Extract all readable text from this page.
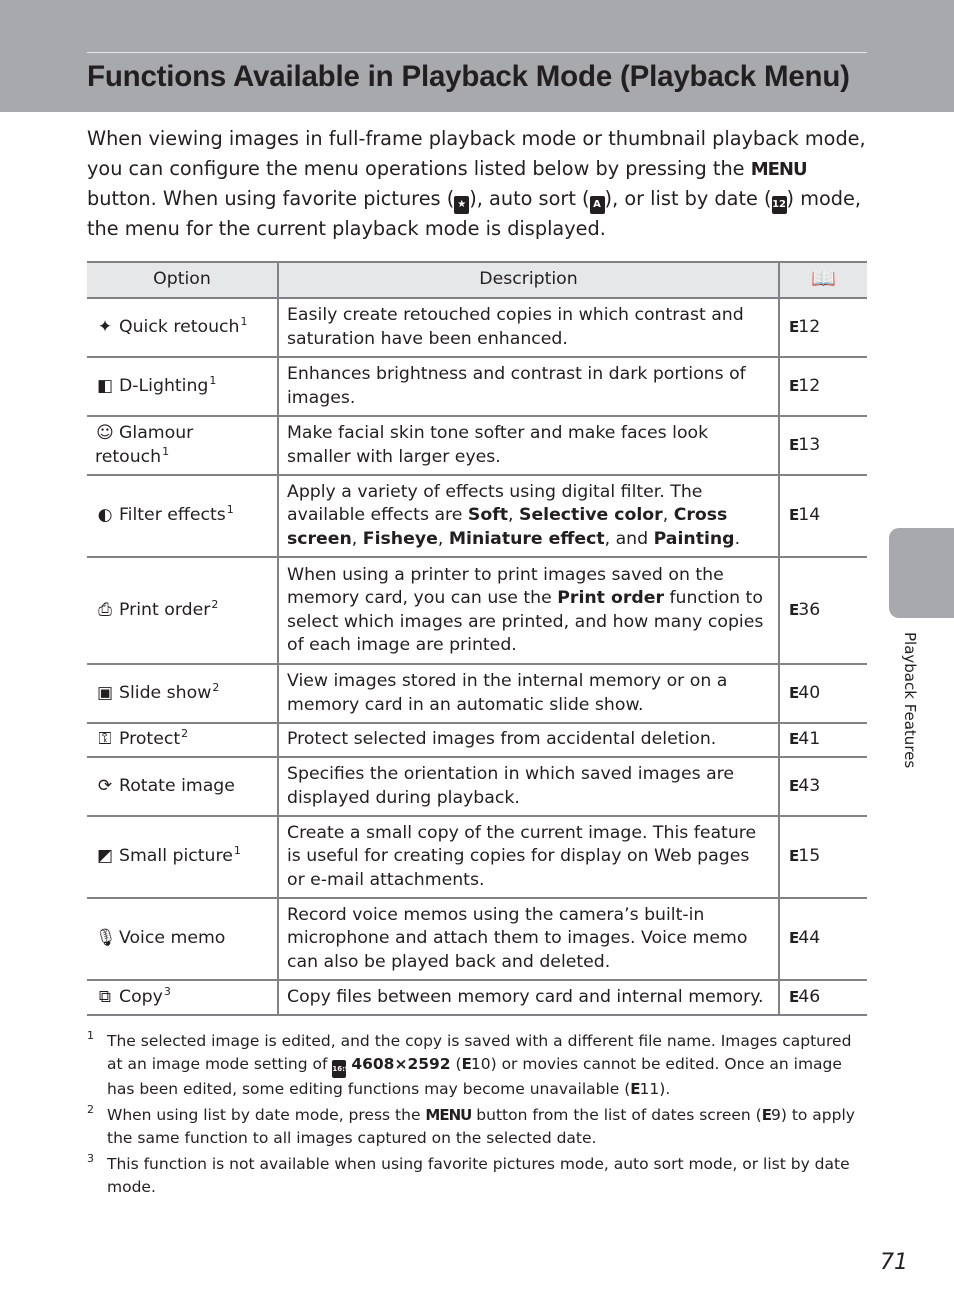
Functions Available in Playback Mode (Playback Menu)
When viewing images in full-frame playback mode or thumbnail playback mode, you can configure the menu operations listed below by pressing the MENU button. When using favorite pictures ( ★ ), auto sort ( A ), or list by date (12) mode, the menu for the current playback mode is displayed.
Option	Description	📖
✦ Quick retouch$^1$	Easily create retouched copies in which contrast and saturation have been enhanced.	E12
◧ D-Lighting$^1$	Enhances brightness and contrast in dark portions of images.	E12
☺ Glamour retouch$^1$	Make facial skin tone softer and make faces look smaller with larger eyes.	E13
◐ Filter effects$^1$	Apply a variety of effects using digital filter. The available effects are Soft, Selective color, Cross screen, Fisheye, Miniature effect, and Painting.	E14
⎙ Print order$^2$	When using a printer to print images saved on the memory card, you can use the Print order function to select which images are printed, and how many copies of each image are printed.	E36
▣ Slide show$^2$	View images stored in the internal memory or on a memory card in an automatic slide show.	E40
⚿ Protect$^2$	Protect selected images from accidental deletion.	E41
⟳ Rotate image	Specifies the orientation in which saved images are displayed during playback.	E43
◩ Small picture$^1$	Create a small copy of the current image. This feature is useful for creating copies for display on Web pages or e-mail attachments.	E15
🎙 Voice memo	Record voice memos using the camera’s built-in microphone and attach them to images. Voice memo can also be played back and deleted.	E44
⧉ Copy$^3$	Copy files between memory card and internal memory.	E46
1 The selected image is edited, and the copy is saved with a different file name. Images captured at an image mode setting of 16:9 4608×2592 (E10) or movies cannot be edited. Once an image has been edited, some editing functions may become unavailable (E11).
2 When using list by date mode, press the MENU button from the list of dates screen (E9) to apply the same function to all images captured on the selected date.
3 This function is not available when using favorite pictures mode, auto sort mode, or list by date mode.
Playback Features
71
